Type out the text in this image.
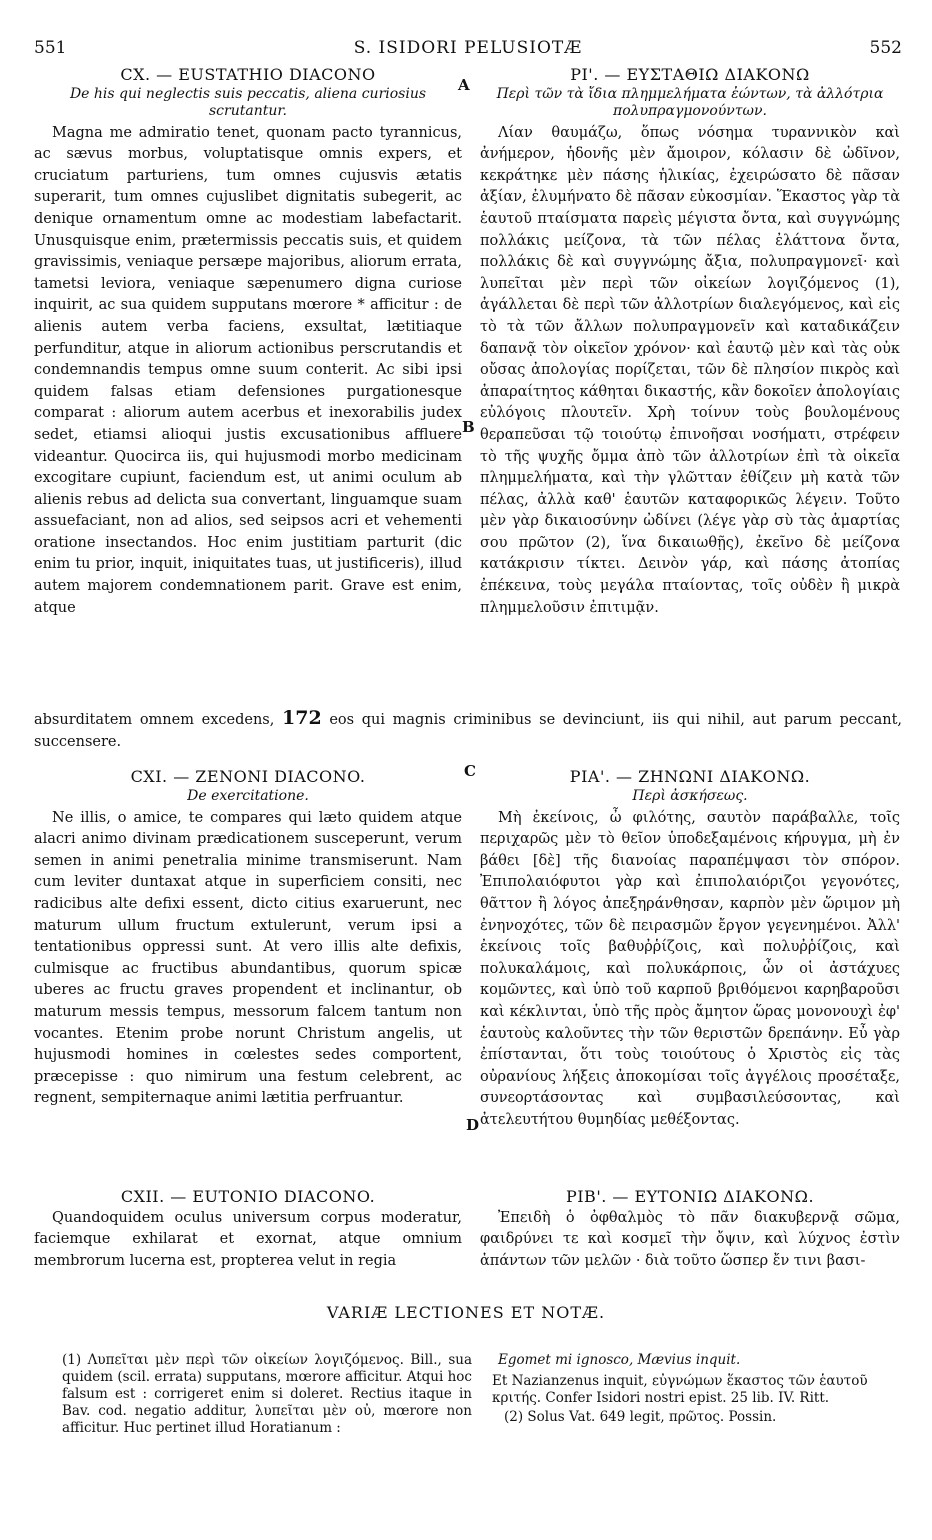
551	S. ISIDORI PELUSIOTÆ	552
CX. — EUSTATHIO DIACONO
De his qui neglectis suis peccatis, aliena curiosius scrutantur.

Magna me admiratio tenet, quonam pacto tyrannicus, ac sævus morbus, voluptatisque omnis expers, et cruciatum parturiens, tum omnes cujusvis ætatis superarit, tum omnes cujuslibet dignitatis subegerit, ac denique ornamentum omne ac modestiam labefactarit. Unusquisque enim, prætermissis peccatis suis, et quidem gravissimis, veniaque persæpe majoribus, aliorum errata, tametsi leviora, veniaque sæpenumero digna curiose inquirit, ac sua quidem supputans mœrore * afficitur : de alienis autem verba faciens, exsultat, lætitiaque perfunditur, atque in aliorum actionibus perscrutandis et condemnandis tempus omne suum conterit. Ac sibi ipsi quidem falsas etiam defensiones purgationesque comparat : aliorum autem acerbus et inexorabilis judex sedet, etiamsi alioqui justis excusationibus affluere videantur. Quocirca iis, qui hujusmodi morbo medicinam excogitare cupiunt, faciendum est, ut animi oculum ab alienis rebus ad delicta sua convertant, linguamque suam assuefaciant, non ad alios, sed seipsos acri et vehementi oratione insectandos. Hoc enim justitiam parturit (dic enim tu prior, inquit, iniquitates tuas, ut justificeris), illud autem majorem condemnationem parit. Grave est enim, atque

ΡΙ'. — ΕΥΣΤΑΘΙΩ ΔΙΑΚΟΝΩ
Περὶ τῶν τὰ ἴδια πλημμελήματα ἐώντων, τὰ ἀλλότρια πολυπραγμονούντων.

Λίαν θαυμάζω, ὅπως νόσημα τυραννικὸν καὶ ἀνήμερον, ἡδονῆς μὲν ἄμοιρον, κόλασιν δὲ ὠδῖνον, κεκράτηκε μὲν πάσης ἡλικίας, ἐχειρώσατο δὲ πᾶσαν ἀξίαν, ἐλυμήνατο δὲ πᾶσαν εὐκοσμίαν. Ἕκαστος γὰρ τὰ ἑαυτοῦ πταίσματα παρεὶς μέγιστα ὄντα, καὶ συγγνώμης πολλάκις μείζονα, τὰ τῶν πέλας ἐλάττονα ὄντα, πολλάκις δὲ καὶ συγγνώμης ἄξια, πολυπραγμονεῖ· καὶ λυπεῖται μὲν περὶ τῶν οἰκείων λογιζόμενος (1), ἀγάλλεται δὲ περὶ τῶν ἀλλοτρίων διαλεγόμενος, καὶ εἰς τὸ τὰ τῶν ἄλλων πολυπραγμονεῖν καὶ καταδικάζειν δαπανᾷ τὸν οἰκεῖον χρόνον· καὶ ἑαυτῷ μὲν καὶ τὰς οὐκ οὔσας ἀπολογίας πορίζεται, τῶν δὲ πλησίον πικρὸς καὶ ἀπαραίτητος κάθηται δικαστής, κἂν δοκοῖεν ἀπολογίαις εὐλόγοις πλουτεῖν. Χρὴ τοίνυν τοὺς βουλομένους θεραπεῦσαι τῷ τοιούτῳ ἐπινοῆσαι νοσήματι, στρέφειν τὸ τῆς ψυχῆς ὄμμα ἀπὸ τῶν ἀλλοτρίων ἐπὶ τὰ οἰκεῖα πλημμελήματα, καὶ τὴν γλῶτταν ἐθίζειν μὴ κατὰ τῶν πέλας, ἀλλὰ καθ' ἑαυτῶν καταφορικῶς λέγειν. Τοῦτο μὲν γὰρ δικαιοσύνην ὠδίνει (λέγε γὰρ σὺ τὰς ἁμαρτίας σου πρῶτον (2), ἵνα δικαιωθῇς), ἐκεῖνο δὲ μείζονα κατάκρισιν τίκτει. Δεινὸν γάρ, καὶ πάσης ἀτοπίας ἐπέκεινα, τοὺς μεγάλα πταίοντας, τοῖς οὐδὲν ἢ μικρὰ πλημμελοῦσιν ἐπιτιμᾷν.

A
B
C
D
absurditatem omnem excedens, 172 eos qui magnis criminibus se devinciunt, iis qui nihil, aut parum peccant, succensere.
CXI. — ZENONI DIACONO.
De exercitatione.

Ne illis, o amice, te compares qui læto quidem atque alacri animo divinam prædicationem susceperunt, verum semen in animi penetralia minime transmiserunt. Nam cum leviter duntaxat atque in superficiem consiti, nec radicibus alte defixi essent, dicto citius exaruerunt, nec maturum ullum fructum extulerunt, verum ipsi a tentationibus oppressi sunt. At vero illis alte defixis, culmisque ac fructibus abundantibus, quorum spicæ uberes ac fructu graves propendent et inclinantur, ob maturum messis tempus, messorum falcem tantum non vocantes. Etenim probe norunt Christum angelis, ut hujusmodi homines in cœlestes sedes comportent, præcepisse : quo nimirum una festum celebrent, ac regnent, sempiternaque animi lætitia perfruantur.

ΡΙΑ'. — ΖΗΝΩΝΙ ΔΙΑΚΟΝΩ.
Περὶ ἀσκήσεως.

Μὴ ἐκείνοις, ὦ φιλότης, σαυτὸν παράβαλλε, τοῖς περιχαρῶς μὲν τὸ θεῖον ὑποδεξαμένοις κήρυγμα, μὴ ἐν βάθει [δὲ] τῆς διανοίας παραπέμψασι τὸν σπόρον. Ἐπιπολαιόφυτοι γὰρ καὶ ἐπιπολαιόριζοι γεγονότες, θᾶττον ἢ λόγος ἀπεξηράνθησαν, καρπὸν μὲν ὥριμον μὴ ἐνηνοχότες, τῶν δὲ πειρασμῶν ἔργον γεγενημένοι. Ἀλλ' ἐκείνοις τοῖς βαθυῤῥίζοις, καὶ πολυῤῥίζοις, καὶ πολυκαλάμοις, καὶ πολυκάρποις, ὧν οἱ ἀστάχυες κομῶντες, καὶ ὑπὸ τοῦ καρποῦ βριθόμενοι καρηβαροῦσι καὶ κέκλινται, ὑπὸ τῆς πρὸς ἄμητον ὥρας μονονουχὶ ἐφ' ἑαυτοὺς καλοῦντες τὴν τῶν θεριστῶν δρεπάνην. Εὖ γὰρ ἐπίστανται, ὅτι τοὺς τοιούτους ὁ Χριστὸς εἰς τὰς οὐρανίους λήξεις ἀποκομίσαι τοῖς ἀγγέλοις προσέταξε, συνεορτάσοντας καὶ συμβασιλεύσοντας, καὶ ἀτελευτήτου θυμηδίας μεθέξοντας.

CXII. — EUTONIO DIACONO.

Quandoquidem oculus universum corpus moderatur, faciemque exhilarat et exornat, atque omnium membrorum lucerna est, propterea velut in regia

ΡΙΒ'. — ΕΥΤΟΝΙΩ ΔΙΑΚΟΝΩ.

Ἐπειδὴ ὁ ὀφθαλμὸς τὸ πᾶν διακυβερνᾷ σῶμα, φαιδρύνει τε καὶ κοσμεῖ τὴν ὄψιν, καὶ λύχνος ἐστὶν ἁπάντων τῶν μελῶν · διὰ τοῦτο ὥσπερ ἔν τινι βασι-

VARIÆ LECTIONES ET NOTÆ.
(1) Λυπεῖται μὲν περὶ τῶν οἰκείων λογιζόμενος. Bill., sua quidem (scil. errata) supputans, mœrore afficitur. Atqui hoc falsum est : corrigeret enim si doleret. Rectius itaque in Bav. cod. negatio additur, λυπεῖται μὲν οὐ, mœrore non afficitur. Huc pertinet illud Horatianum :
Egomet mi ignosco, Mævius inquit.
Et Nazianzenus inquit, εὐγνώμων ἕκαστος τῶν ἑαυτοῦ κριτής. Confer Isidori nostri epist. 25 lib. IV. Ritt.
(2) Solus Vat. 649 legit, πρῶτος. Possin.
